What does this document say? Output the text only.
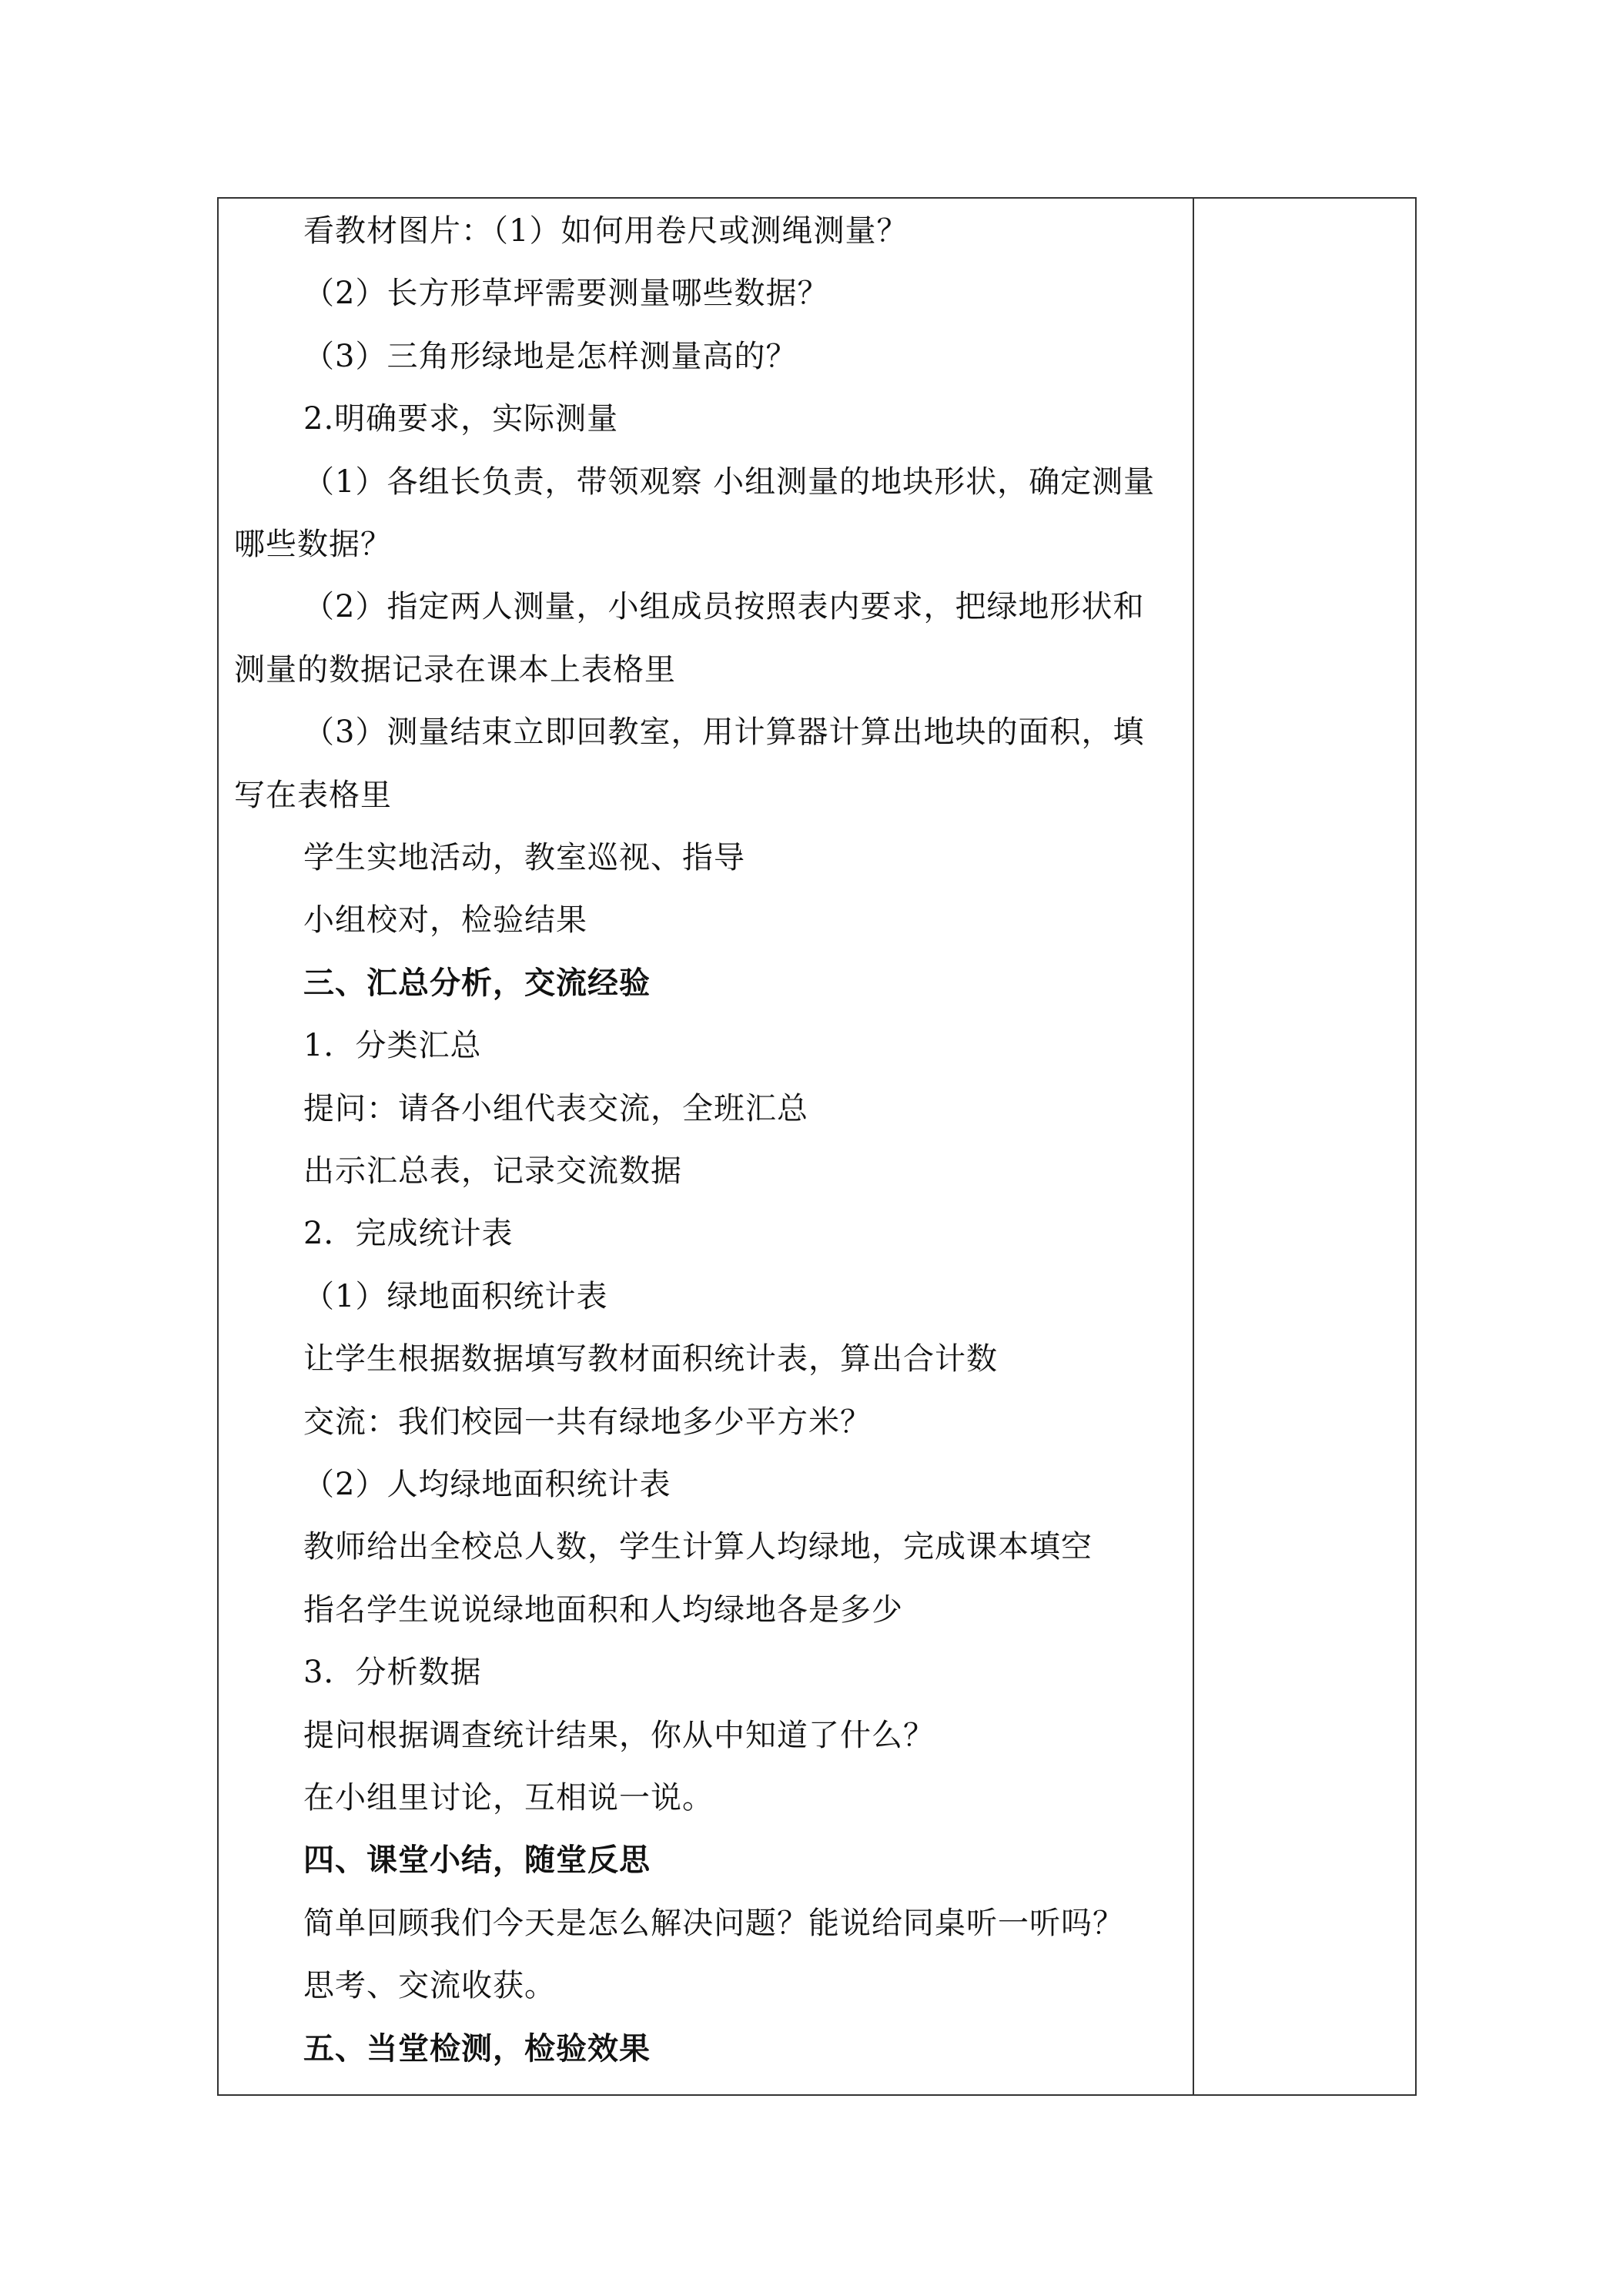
看教材图片：（1）如何用卷尺或测绳测量？
（2）长方形草坪需要测量哪些数据？
（3）三角形绿地是怎样测量高的？
2.明确要求，实际测量
（1）各组长负责，带领观察 小组测量的地块形状，确定测量
哪些数据？
（2）指定两人测量，小组成员按照表内要求，把绿地形状和
测量的数据记录在课本上表格里
（3）测量结束立即回教室，用计算器计算出地块的面积，填
写在表格里
学生实地活动，教室巡视、指导
小组校对，检验结果
三、汇总分析，交流经验
1．分类汇总
提问：请各小组代表交流，全班汇总
出示汇总表，记录交流数据
2．完成统计表
（1）绿地面积统计表
让学生根据数据填写教材面积统计表，算出合计数
交流：我们校园一共有绿地多少平方米？
（2）人均绿地面积统计表
教师给出全校总人数，学生计算人均绿地，完成课本填空
指名学生说说绿地面积和人均绿地各是多少
3．分析数据
提问根据调查统计结果，你从中知道了什么？
在小组里讨论，互相说一说。
四、课堂小结，随堂反思
简单回顾我们今天是怎么解决问题？能说给同桌听一听吗？
思考、交流收获。
五、当堂检测，检验效果
